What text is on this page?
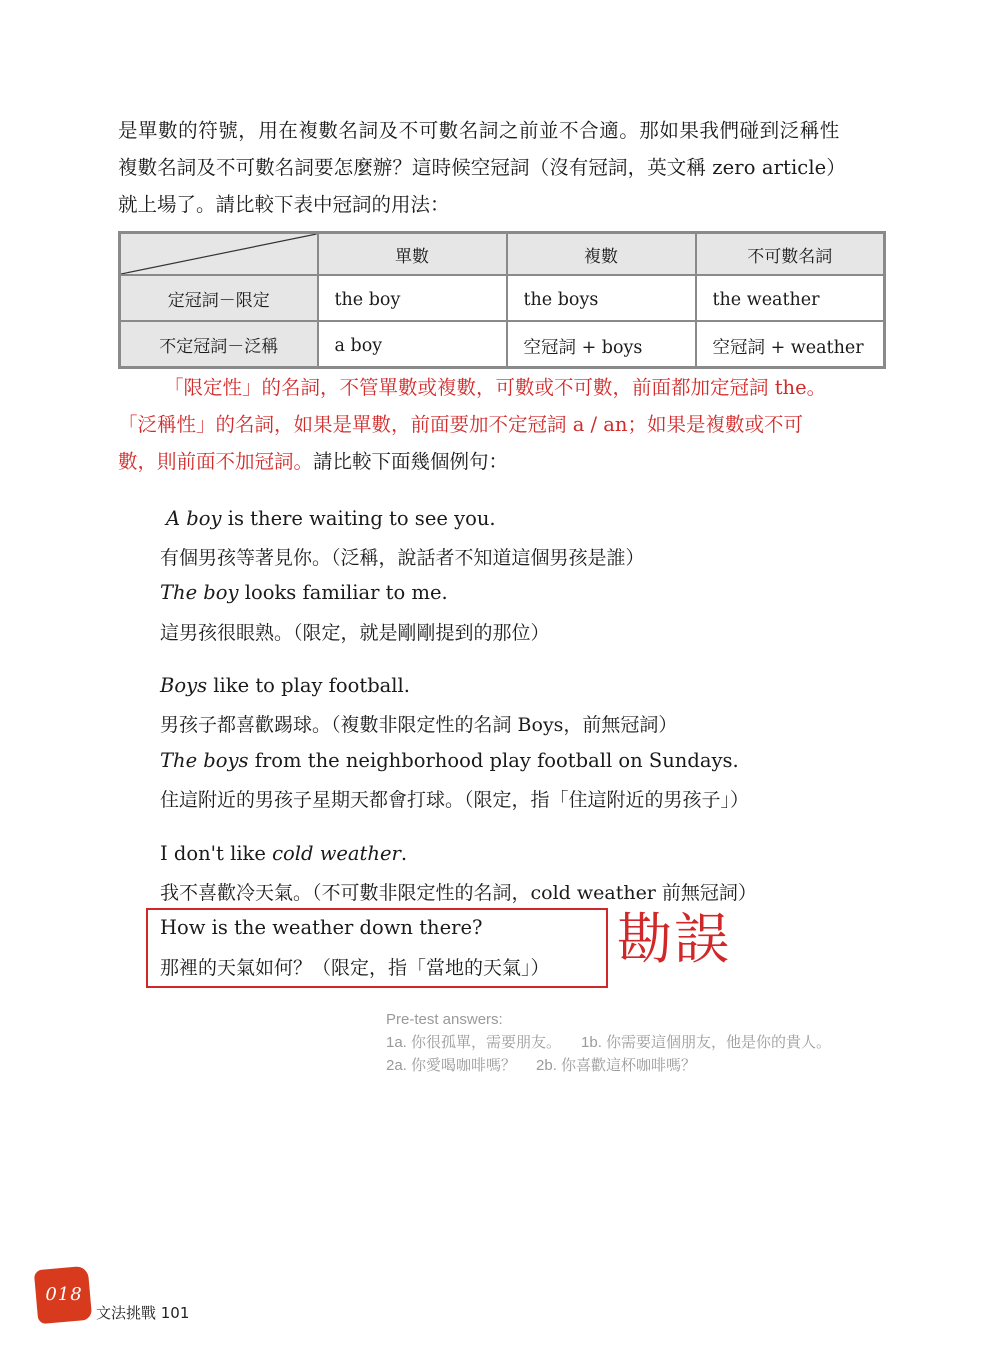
是單數的符號，用在複數名詞及不可數名詞之前並不合適。那如果我們碰到泛稱性
複數名詞及不可數名詞要怎麼辦？這時候空冠詞（沒有冠詞，英文稱 zero article）
就上場了。請比較下表中冠詞的用法：

	單數	複數	不可數名詞
定冠詞－限定	the boy	the boys	the weather
不定冠詞－泛稱	a boy	空冠詞 + boys	空冠詞 + weather
「限定性」的名詞，不管單數或複數，可數或不可數，前面都加定冠詞 the。
「泛稱性」的名詞，如果是單數，前面要加不定冠詞 a / an；如果是複數或不可
數，則前面不加冠詞。請比較下面幾個例句：
A boy is there waiting to see you.
有個男孩等著見你。（泛稱，說話者不知道這個男孩是誰）
The boy looks familiar to me.
這男孩很眼熟。（限定，就是剛剛提到的那位）
Boys like to play football.
男孩子都喜歡踢球。（複數非限定性的名詞 Boys，前無冠詞）
The boys from the neighborhood play football on Sundays.
住這附近的男孩子星期天都會打球。（限定，指「住這附近的男孩子」）
I don't like cold weather.
我不喜歡冷天氣。（不可數非限定性的名詞，cold weather 前無冠詞）
How is the weather down there?
那裡的天氣如何？（限定，指「當地的天氣」） 勘誤
Pre-test answers:
1a. 你很孤單，需要朋友。 1b. 你需要這個朋友，他是你的貴人。
2a. 你愛喝咖啡嗎？ 2b. 你喜歡這杯咖啡嗎？
018
文法挑戰 101
